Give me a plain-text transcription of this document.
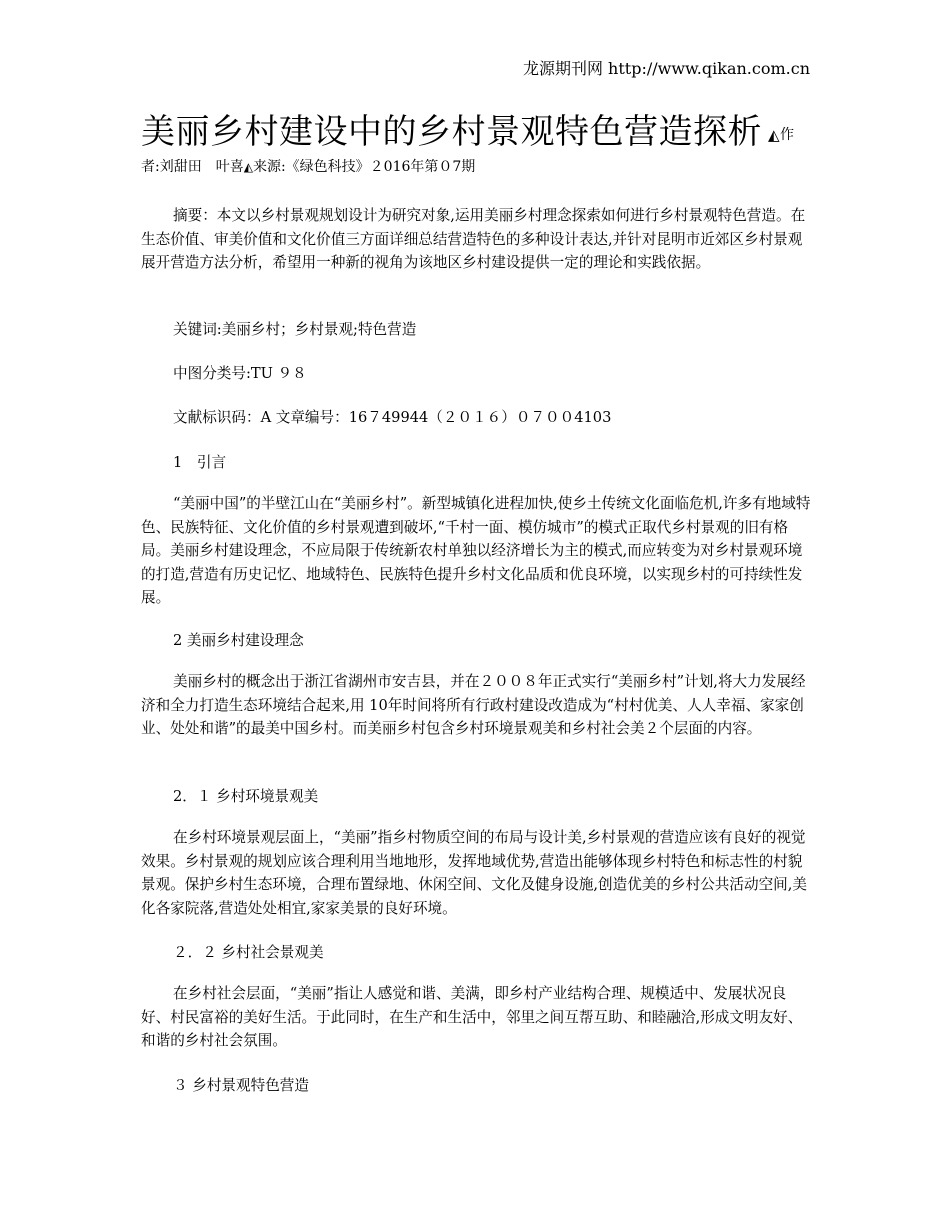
龙源期刊网 http://www.qikan.com.cn
美丽乡村建设中的乡村景观特色营造探析 ◭作
者:刘甜田　叶喜◭来源:《绿色科技》２016年第０7期

摘要：本文以乡村景观规划设计为研究对象,运用美丽乡村理念探索如何进行乡村景观特色营造。在生态价值、审美价值和文化价值三方面详细总结营造特色的多种设计表达,并针对昆明市近郊区乡村景观展开营造方法分析，希望用一种新的视角为该地区乡村建设提供一定的理论和实践依据。

关键词:美丽乡村；乡村景观;特色营造
中图分类号:TU ９８
文献标识码：A 文章编号：16７49944（２０１６）０７００4103
1　引言

“美丽中国”的半壁江山在“美丽乡村”。新型城镇化进程加快,使乡土传统文化面临危机,许多有地域特色、民族特征、文化价值的乡村景观遭到破坏,“千村一面、模仿城市”的模式正取代乡村景观的旧有格局。美丽乡村建设理念，不应局限于传统新农村单独以经济增长为主的模式,而应转变为对乡村景观环境的打造,营造有历史记忆、地域特色、民族特色提升乡村文化品质和优良环境，以实现乡村的可持续性发展。

2 美丽乡村建设理念

美丽乡村的概念出于浙江省湖州市安吉县，并在２００８年正式实行“美丽乡村”计划,将大力发展经济和全力打造生态环境结合起来,用 10年时间将所有行政村建设改造成为“村村优美、人人幸福、家家创业、处处和谐”的最美中国乡村。而美丽乡村包含乡村环境景观美和乡村社会美２个层面的内容。

2．１ 乡村环境景观美

在乡村环境景观层面上，“美丽”指乡村物质空间的布局与设计美,乡村景观的营造应该有良好的视觉效果。乡村景观的规划应该合理利用当地地形，发挥地域优势,营造出能够体现乡村特色和标志性的村貌景观。保护乡村生态环境，合理布置绿地、休闲空间、文化及健身设施,创造优美的乡村公共活动空间,美化各家院落,营造处处相宜,家家美景的良好环境。

２．２ 乡村社会景观美

在乡村社会层面，“美丽”指让人感觉和谐、美满，即乡村产业结构合理、规模适中、发展状况良好、村民富裕的美好生活。于此同时，在生产和生活中，邻里之间互帮互助、和睦融洽,形成文明友好、和谐的乡村社会氛围。

３ 乡村景观特色营造
